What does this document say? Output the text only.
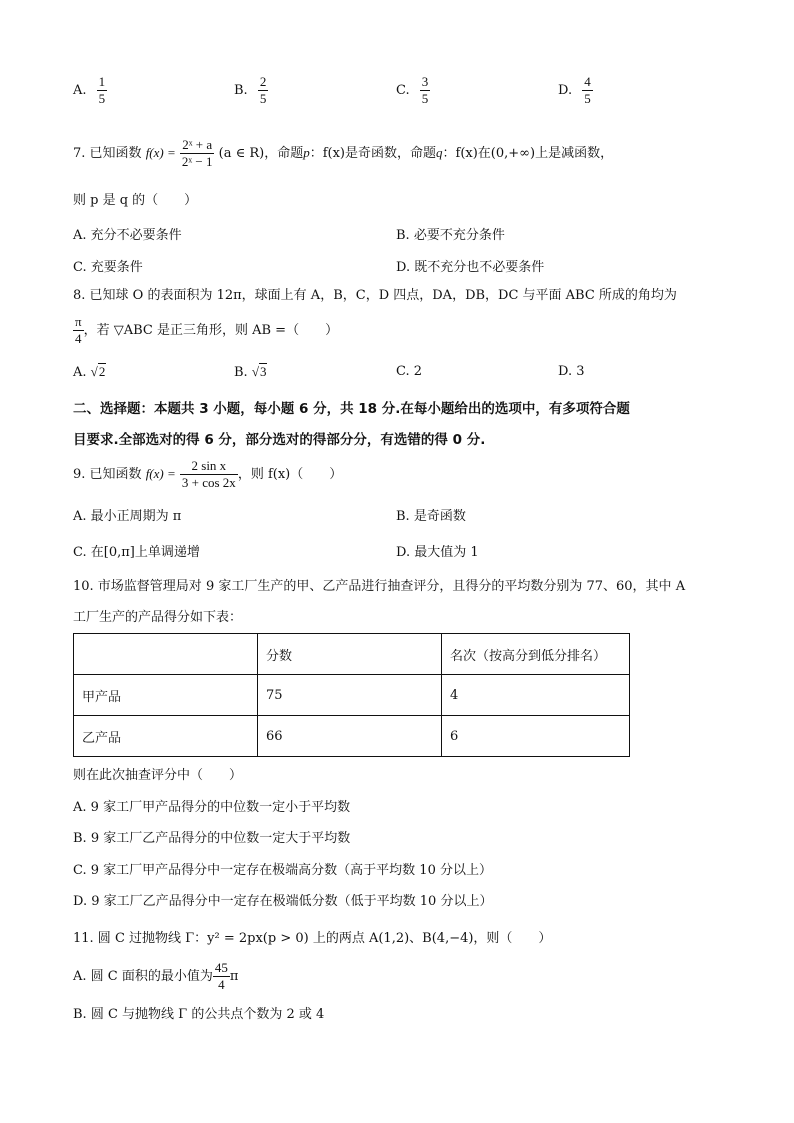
A. $\frac{1}{5}$	B. $\frac{2}{5}$	C. $\frac{3}{5}$	D. $\frac{4}{5}$
7. 已知函数 $f(x) = \frac{\text{2ˣ + a}}{\text{2ˣ − 1}} (a$ ∈ R)，命题p：f(x)是奇函数，命题q：f(x)在(0,+∞)上是减函数，
则 p 是 q 的（　　）
A. 充分不必要条件	B. 必要不充分条件
C. 充要条件	D. 既不充分也不必要条件
8. 已知球 O 的表面积为 12π，球面上有 A，B，C，D 四点，DA，DB，DC 与平面 ABC 所成的角均为
$\frac{\pi}{4}$ ，若 ▽ABC 是正三角形，则 AB =（　　）
A. √2	B. √3	C. 2	D. 3
二、选择题：本题共 3 小题，每小题 6 分，共 18 分.在每小题给出的选项中，有多项符合题
目要求.全部选对的得 6 分，部分选对的得部分分，有选错的得 0 分.
9. 已知函数 $f(x) = \frac{\text{2 sin x}}{3 + \cos 2x}$ ，则 f(x)（　　）
A. 最小正周期为 π	B. 是奇函数
C. 在[0,π]上单调递增	D. 最大值为 1
10. 市场监督管理局对 9 家工厂生产的甲、乙产品进行抽查评分，且得分的平均数分别为 77、60，其中 A
工厂生产的产品得分如下表：
	分数	名次（按高分到低分排名）
甲产品	75	4
乙产品	66	6
则在此次抽查评分中（　　）
A. 9 家工厂甲产品得分的中位数一定小于平均数
B. 9 家工厂乙产品得分的中位数一定大于平均数
C. 9 家工厂甲产品得分中一定存在极端高分数（高于平均数 10 分以上）
D. 9 家工厂乙产品得分中一定存在极端低分数（低于平均数 10 分以上）
11. 圆 C 过抛物线 Γ：y² = 2px(p > 0) 上的两点 A(1,2)、B(4,−4)，则（　　）
A. 圆 C 面积的最小值为 $\frac{45}{4}$ π
B. 圆 C 与抛物线 Γ 的公共点个数为 2 或 4
